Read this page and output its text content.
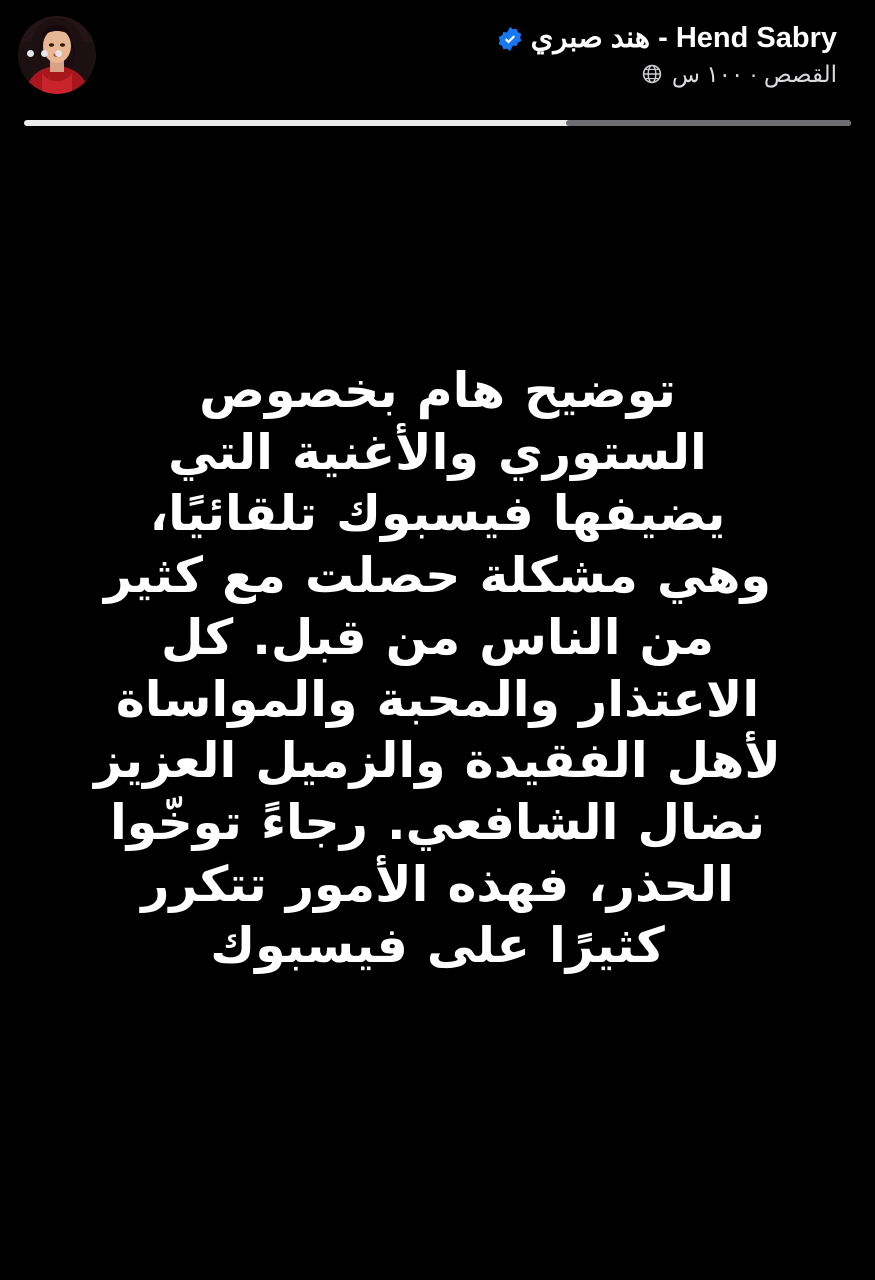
Hend Sabry - هند صبري
القصص · ١٠٠ س
توضيح هام بخصوص الستوري والأغنية التي يضيفها فيسبوك تلقائيًا، وهي مشكلة حصلت مع كثير من الناس من قبل. كل الاعتذار والمحبة والمواساة لأهل الفقيدة والزميل العزيز نضال الشافعي. رجاءً توخّوا الحذر، فهذه الأمور تتكرر كثيرًا على فيسبوك
